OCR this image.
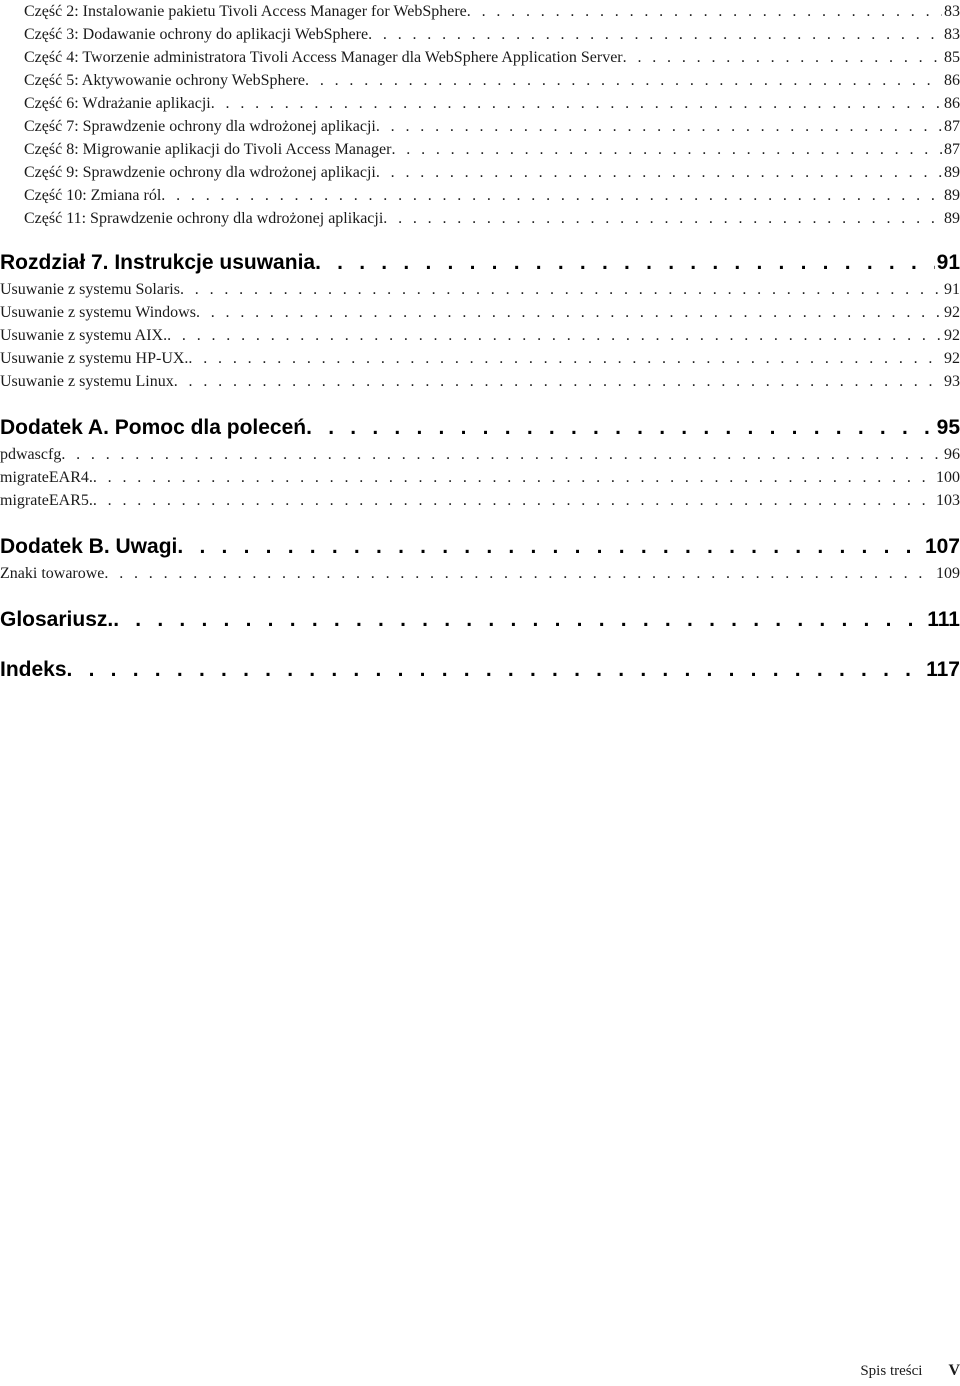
Część 2: Instalowanie pakietu Tivoli Access Manager for WebSphere . . .	83
Część 3: Dodawanie ochrony do aplikacji WebSphere . . .	83
Część 4: Tworzenie administratora Tivoli Access Manager dla WebSphere Application Server . . .	85
Część 5: Aktywowanie ochrony WebSphere . . .	86
Część 6: Wdrażanie aplikacji . . .	86
Część 7: Sprawdzenie ochrony dla wdrożonej aplikacji . . .	87
Część 8: Migrowanie aplikacji do Tivoli Access Manager . . .	87
Część 9: Sprawdzenie ochrony dla wdrożonej aplikacji . . .	89
Część 10: Zmiana ról . . .	89
Część 11: Sprawdzenie ochrony dla wdrożonej aplikacji . . .	89
Rozdział 7. Instrukcje usuwania . . .	91
Usuwanie z systemu Solaris . . .	91
Usuwanie z systemu Windows . . .	92
Usuwanie z systemu AIX. . . .	92
Usuwanie z systemu HP-UX. . . .	92
Usuwanie z systemu Linux . . .	93
Dodatek A. Pomoc dla poleceń . . .	95
pdwascfg . . .	96
migrateEAR4. . . .	100
migrateEAR5. . . .	103
Dodatek B. Uwagi . . .	107
Znaki towarowe . . .	109
Glosariusz. . . .	111
Indeks . . .	117
Spis treści V
